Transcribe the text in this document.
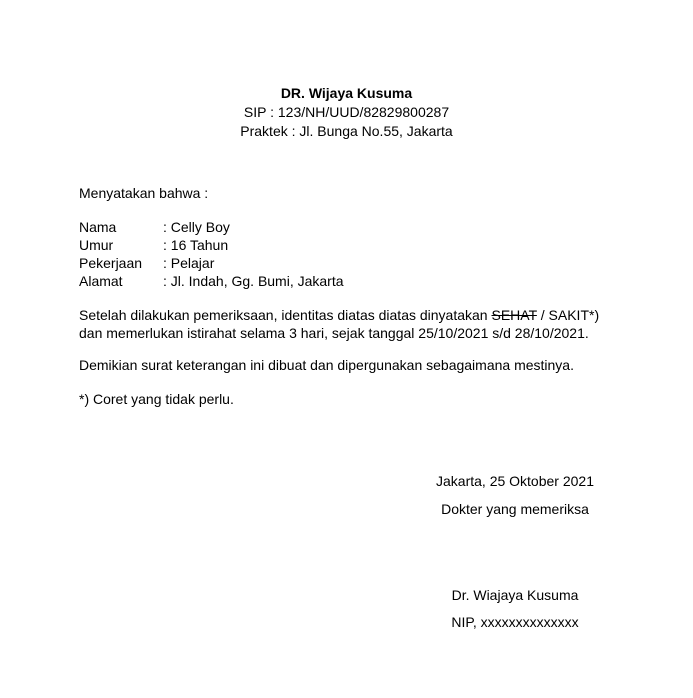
DR. Wijaya Kusuma
SIP : 123/NH/UUD/82829800287
Praktek : Jl. Bunga No.55, Jakarta
Menyatakan bahwa :
Nama	: Celly Boy
Umur	: 16 Tahun
Pekerjaan	: Pelajar
Alamat	: Jl. Indah, Gg. Bumi, Jakarta
Setelah dilakukan pemeriksaan, identitas diatas diatas dinyatakan SEHAT / SAKIT*)
dan memerlukan istirahat selama 3 hari, sejak tanggal 25/10/2021 s/d 28/10/2021.
Demikian surat keterangan ini dibuat dan dipergunakan sebagaimana mestinya.
*) Coret yang tidak perlu.
Jakarta, 25 Oktober 2021
Dokter yang memeriksa
Dr. Wiajaya Kusuma
NIP, xxxxxxxxxxxxxx
